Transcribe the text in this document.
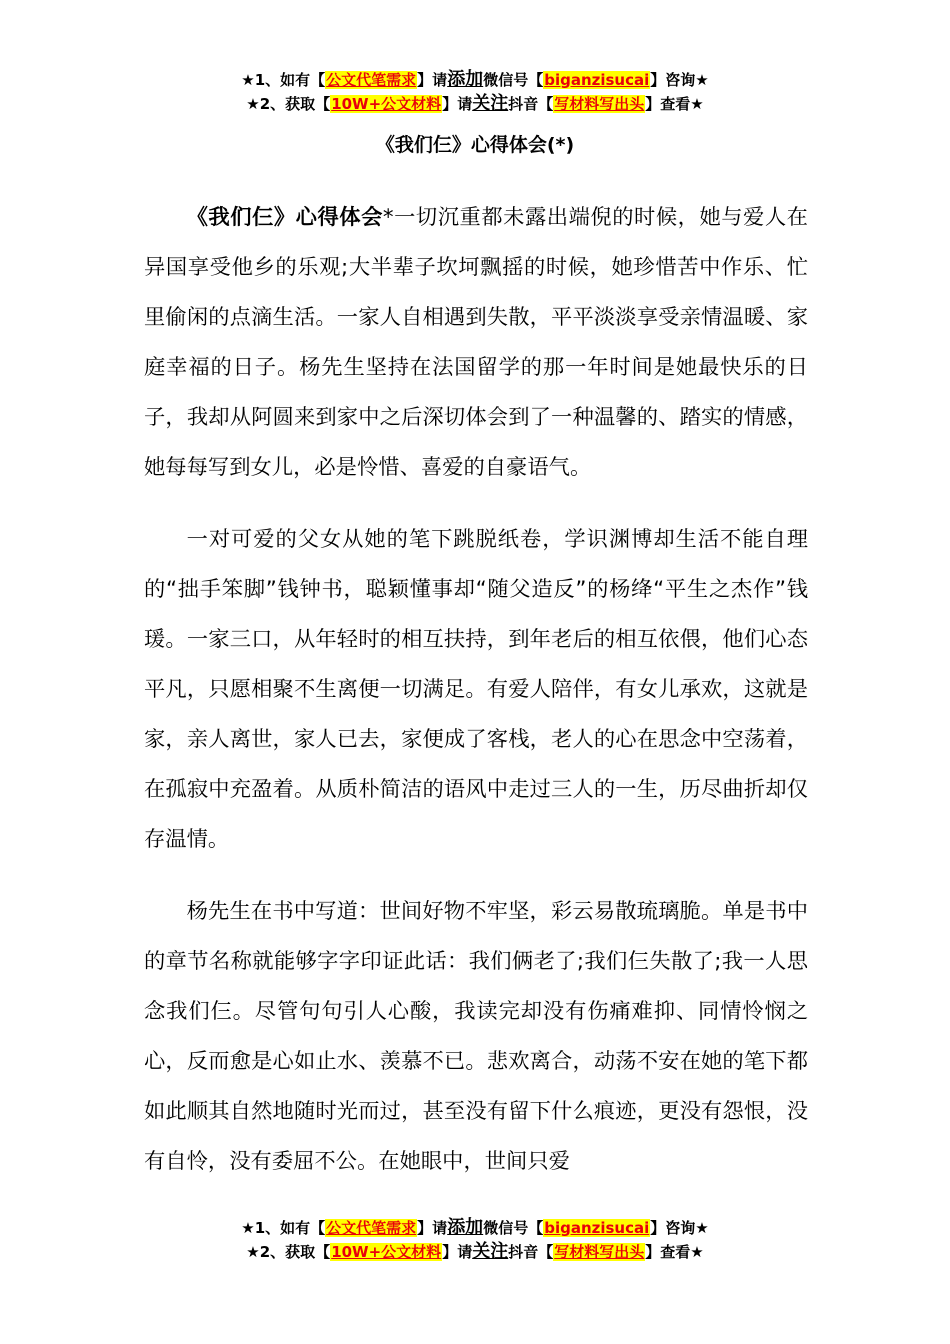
★1、如有【公文代笔需求】请添加微信号【biganzisucai】咨询★
★2、获取【10W+公文材料】请关注抖音【写材料写出头】查看★
《我们仨》心得体会(*)

《我们仨》心得体会*一切沉重都未露出端倪的时候，她与爱人在异国享受他乡的乐观;大半辈子坎坷飘摇的时候，她珍惜苦中作乐、忙里偷闲的点滴生活。一家人自相遇到失散，平平淡淡享受亲情温暖、家庭幸福的日子。杨先生坚持在法国留学的那一年时间是她最快乐的日子，我却从阿圆来到家中之后深切体会到了一种温馨的、踏实的情感，她每每写到女儿，必是怜惜、喜爱的自豪语气。

一对可爱的父女从她的笔下跳脱纸卷，学识渊博却生活不能自理的“拙手笨脚”钱钟书，聪颖懂事却“随父造反”的杨绛“平生之杰作”钱瑗。一家三口，从年轻时的相互扶持，到年老后的相互依偎，他们心态平凡，只愿相聚不生离便一切满足。有爱人陪伴，有女儿承欢，这就是家，亲人离世，家人已去，家便成了客栈，老人的心在思念中空荡着，在孤寂中充盈着。从质朴简洁的语风中走过三人的一生，历尽曲折却仅存温情。

杨先生在书中写道：世间好物不牢坚，彩云易散琉璃脆。单是书中的章节名称就能够字字印证此话：我们俩老了;我们仨失散了;我一人思念我们仨。尽管句句引人心酸，我读完却没有伤痛难抑、同情怜悯之心，反而愈是心如止水、羡慕不已。悲欢离合，动荡不安在她的笔下都如此顺其自然地随时光而过，甚至没有留下什么痕迹，更没有怨恨，没有自怜，没有委屈不公。在她眼中，世间只爱

★1、如有【公文代笔需求】请添加微信号【biganzisucai】咨询★
★2、获取【10W+公文材料】请关注抖音【写材料写出头】查看★
